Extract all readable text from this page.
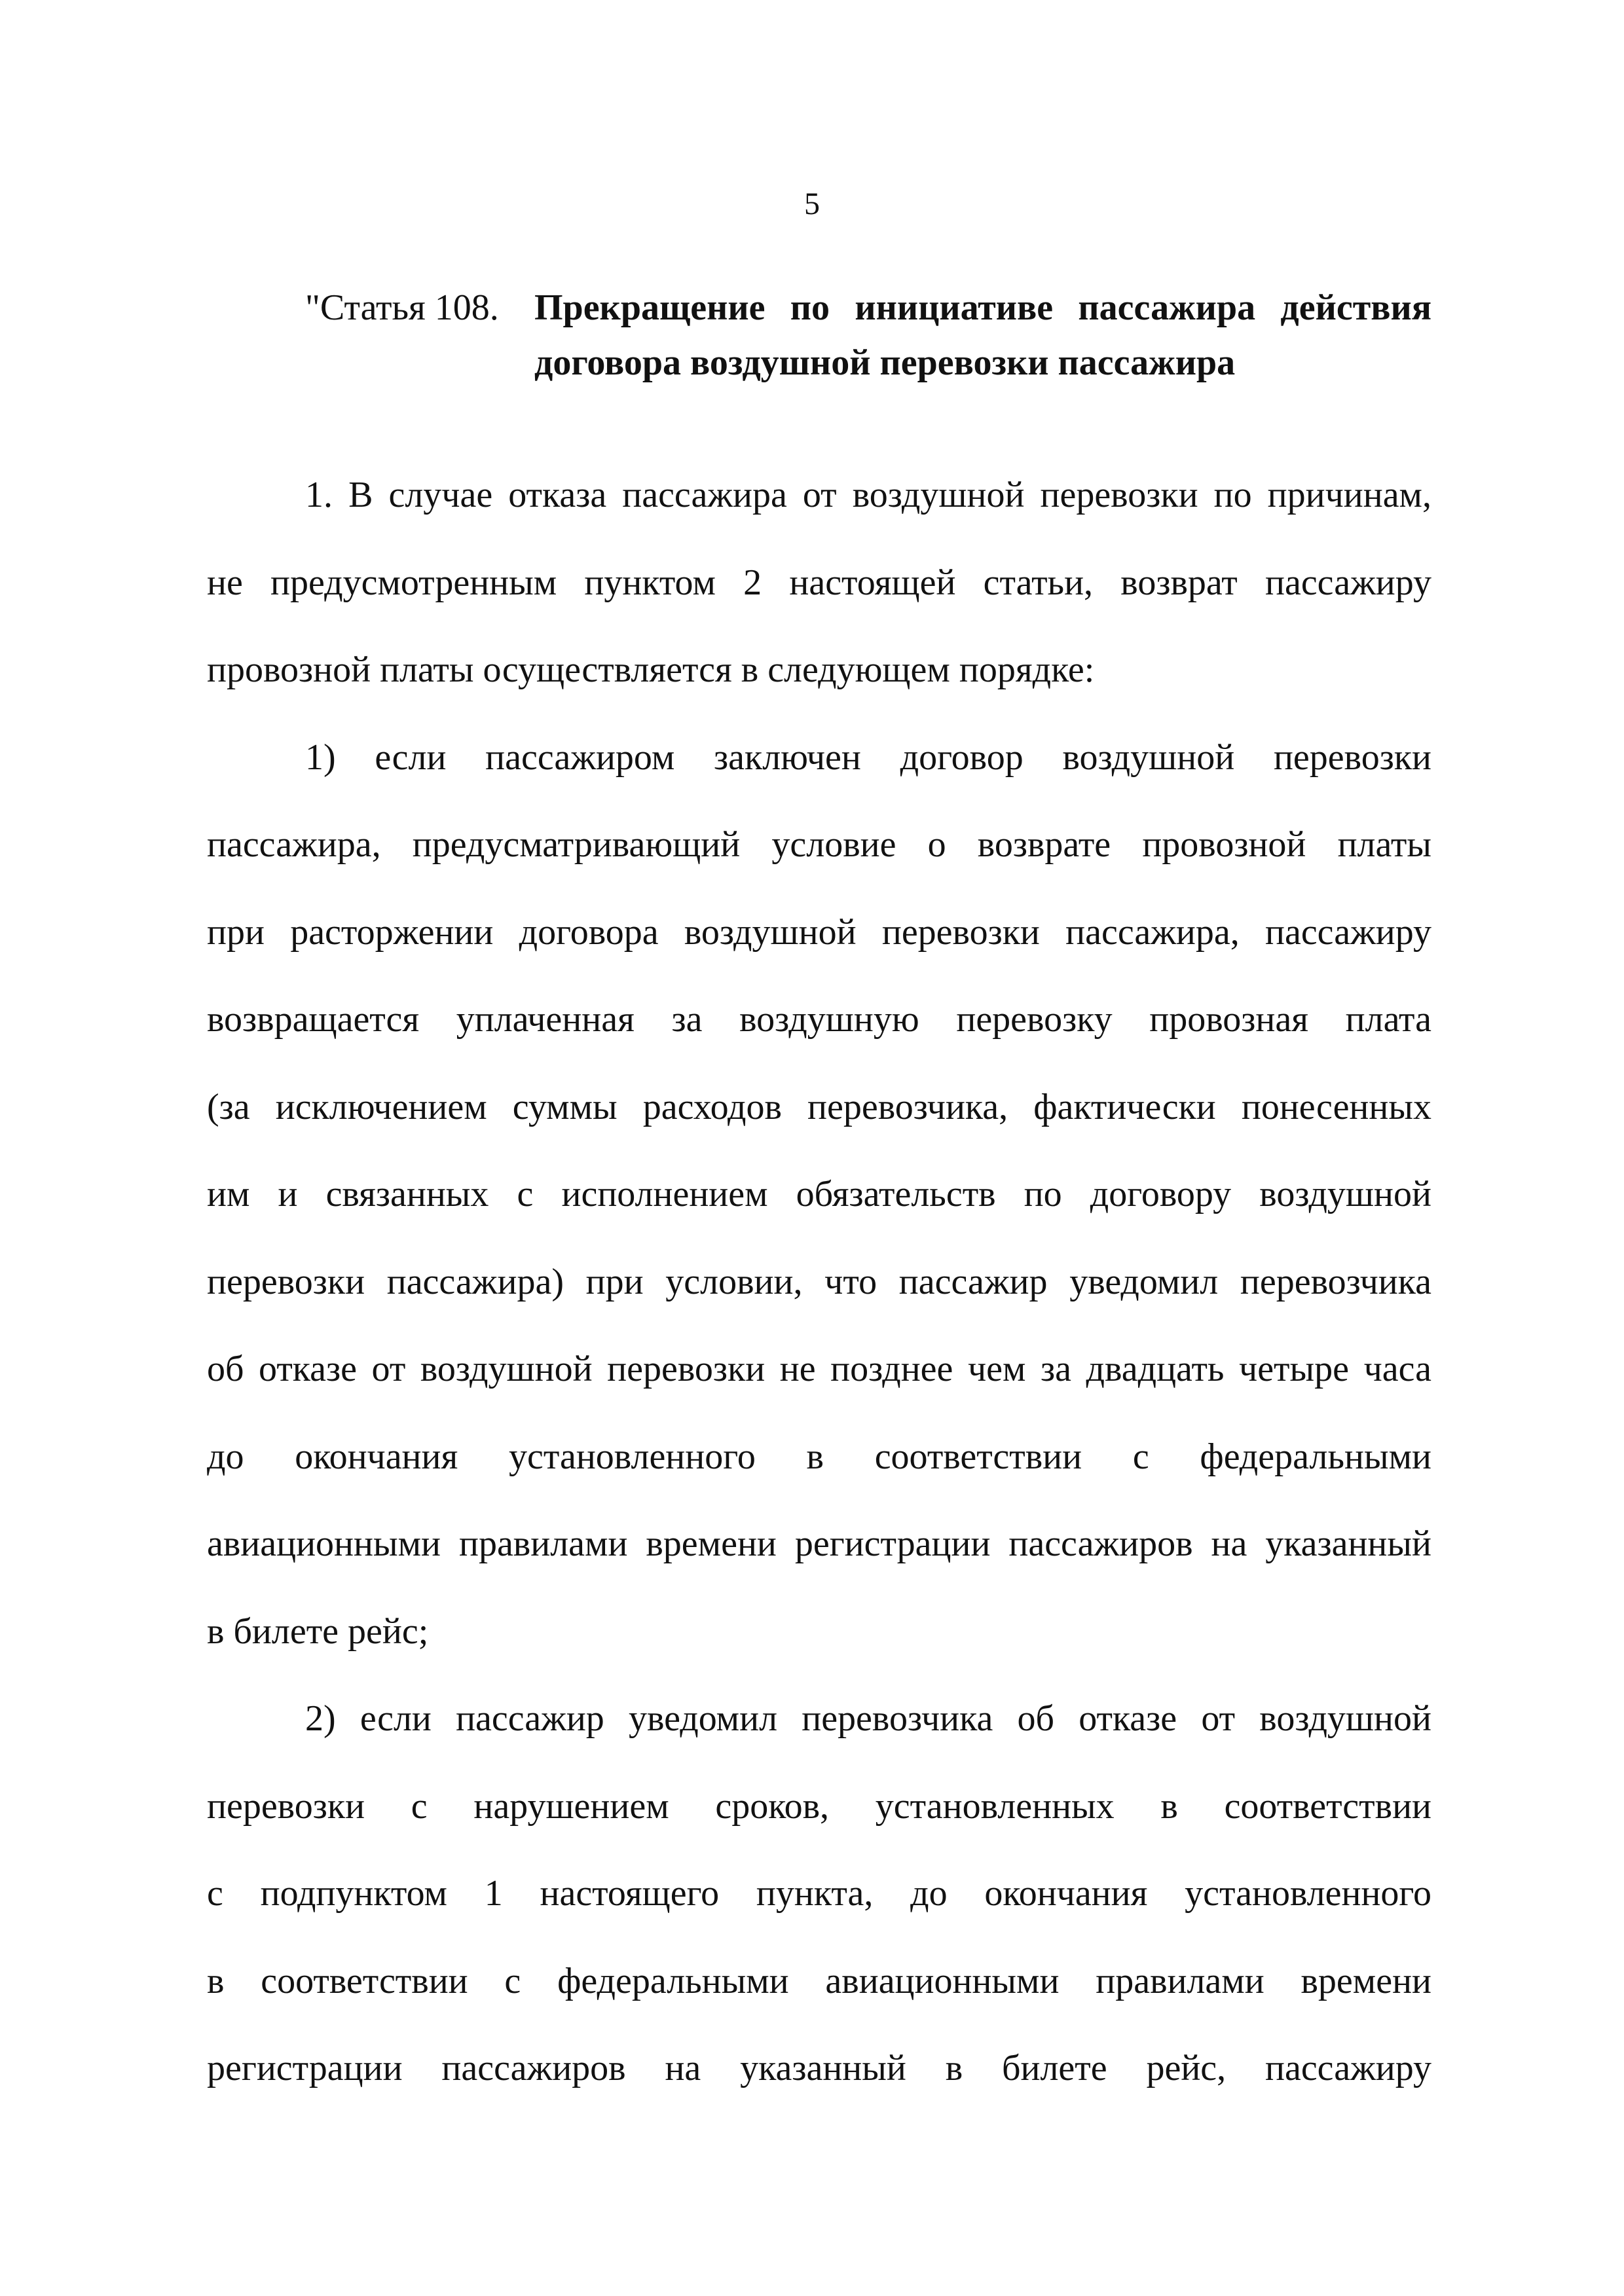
5
"Статья 108. Прекращение по инициативе пассажира действия
договора воздушной перевозки пассажира
1. В случае отказа пассажира от воздушной перевозки по причинам,
не предусмотренным пунктом 2 настоящей статьи, возврат пассажиру
провозной платы осуществляется в следующем порядке:
1) если пассажиром заключен договор воздушной перевозки
пассажира, предусматривающий условие о возврате провозной платы
при расторжении договора воздушной перевозки пассажира, пассажиру
возвращается уплаченная за воздушную перевозку провозная плата
(за исключением суммы расходов перевозчика, фактически понесенных
им и связанных с исполнением обязательств по договору воздушной
перевозки пассажира) при условии, что пассажир уведомил перевозчика
об отказе от воздушной перевозки не позднее чем за двадцать четыре часа
до окончания установленного в соответствии с федеральными
авиационными правилами времени регистрации пассажиров на указанный
в билете рейс;
2) если пассажир уведомил перевозчика об отказе от воздушной
перевозки с нарушением сроков, установленных в соответствии
с подпунктом 1 настоящего пункта, до окончания установленного
в соответствии с федеральными авиационными правилами времени
регистрации пассажиров на указанный в билете рейс, пассажиру
